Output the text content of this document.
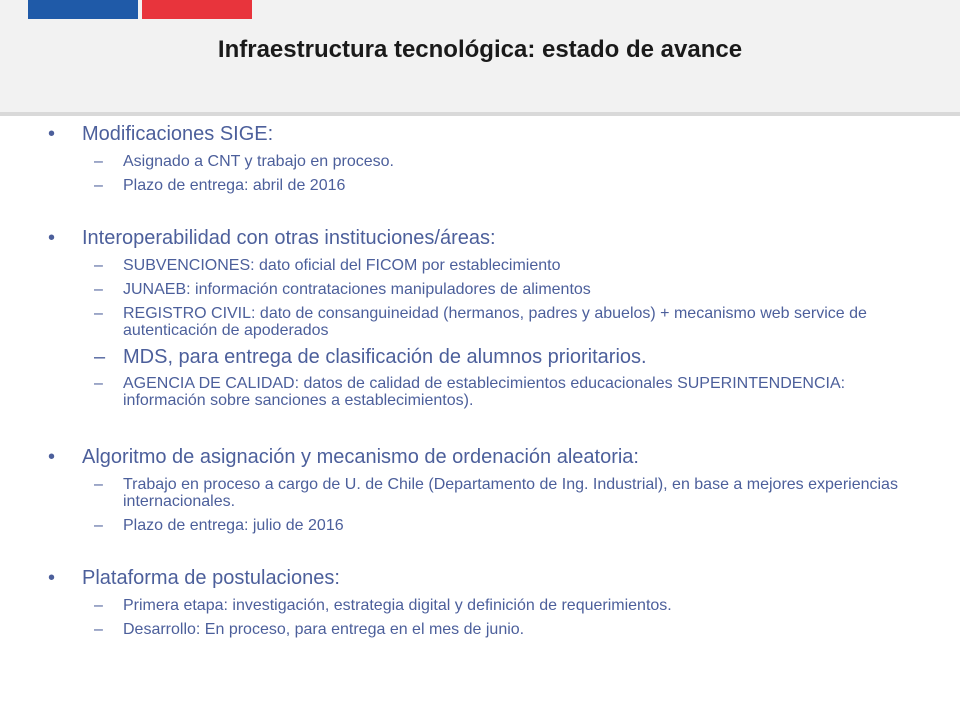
Infraestructura tecnológica: estado de avance
• Modificaciones SIGE:
– Asignado a CNT y trabajo en proceso.
– Plazo de entrega: abril de 2016
• Interoperabilidad con otras instituciones/áreas:
– SUBVENCIONES: dato oficial del FICOM por establecimiento
– JUNAEB: información contrataciones manipuladores de alimentos
– REGISTRO CIVIL: dato de consanguineidad (hermanos, padres y abuelos) + mecanismo web service de autenticación de apoderados
– MDS, para entrega de clasificación de alumnos prioritarios.
– AGENCIA DE CALIDAD: datos de calidad de establecimientos educacionales SUPERINTENDENCIA: información sobre sanciones a establecimientos).
• Algoritmo de asignación y mecanismo de ordenación aleatoria:
– Trabajo en proceso a cargo de U. de Chile (Departamento de Ing. Industrial), en base a mejores experiencias internacionales.
– Plazo de entrega: julio de 2016
• Plataforma de postulaciones:
– Primera etapa: investigación, estrategia digital y definición de requerimientos.
– Desarrollo: En proceso, para entrega en el mes de junio.
